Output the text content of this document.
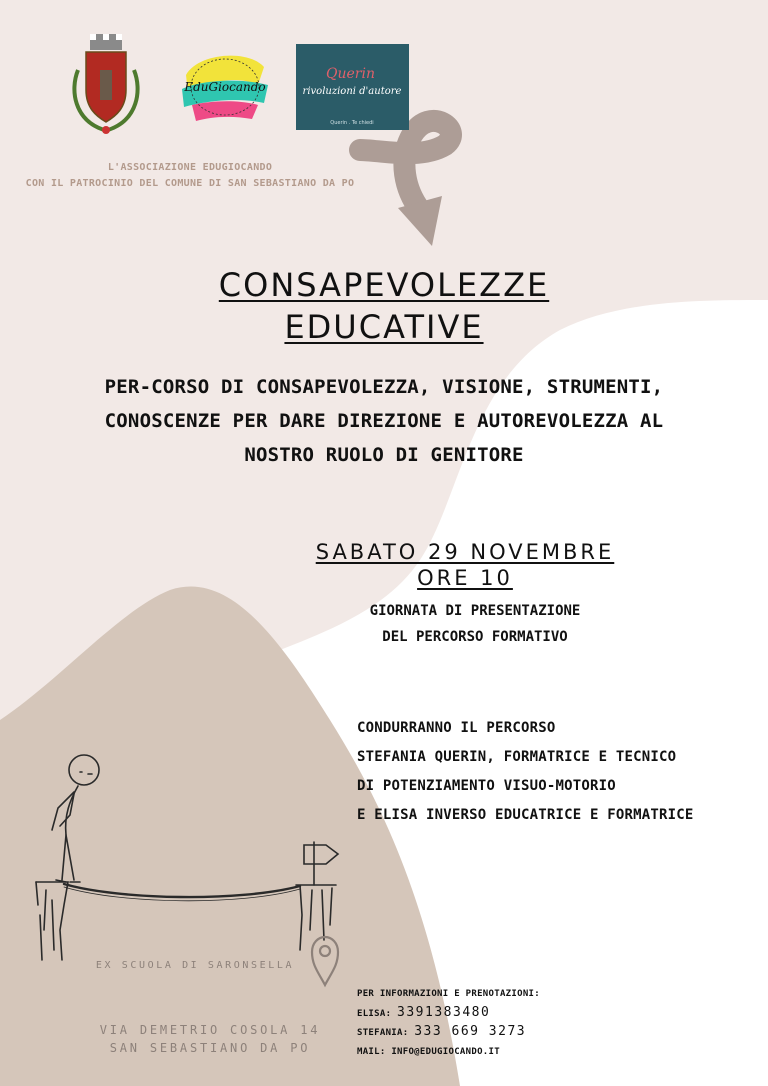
EduGiocando
Querin
rivoluzioni d'autore
Querin . Te chiedi
L'ASSOCIAZIONE EDUGIOCANDO
CON IL PATROCINIO DEL COMUNE DI SAN SEBASTIANO DA PO
CONSAPEVOLEZZE
EDUCATIVE
PER-CORSO DI CONSAPEVOLEZZA, VISIONE, STRUMENTI,
CONOSCENZE PER DARE DIREZIONE E AUTOREVOLEZZA AL
NOSTRO RUOLO DI GENITORE
SABATO 29 NOVEMBRE
ORE 10
GIORNATA DI PRESENTAZIONE
DEL PERCORSO FORMATIVO
CONDURRANNO IL PERCORSO
STEFANIA QUERIN, FORMATRICE E TECNICO
DI POTENZIAMENTO VISUO-MOTORIO
E ELISA INVERSO EDUCATRICE E FORMATRICE
EX SCUOLA DI SARONSELLA
VIA DEMETRIO COSOLA 14
SAN SEBASTIANO DA PO
PER INFORMAZIONI E PRENOTAZIONI:
ELISA: 3391383480
STEFANIA: 333 669 3273
MAIL: INFO@EDUGIOCANDO.IT
